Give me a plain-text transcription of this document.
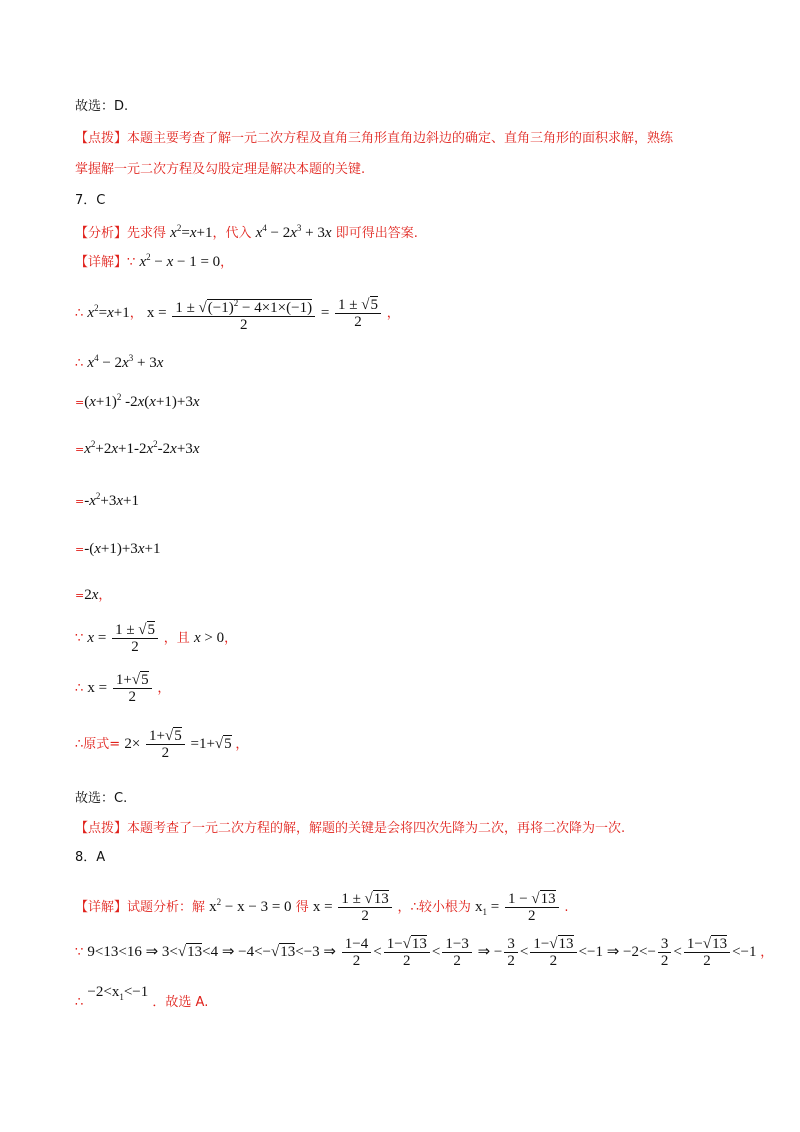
故选：D.
【点拨】本题主要考查了解一元二次方程及直角三角形直角边斜边的确定、直角三角形的面积求解，熟练
掌握解一元二次方程及勾股定理是解决本题的关键.
7．C
【分析】先求得 $x^2=x+1$，代入 $x^4 - 2x^3 + 3x$ 即可得出答案.
【详解】∵ $x^2 - x - 1 = 0$，
∴ $x^2=x+1$， $x = \frac{1 \pm √(-1)^2 - 4\times 1\times(-1)}{2} = \frac{1 \pm √5}{2}$ ，
∴ $x^4 - 2x^3 + 3x$
$=(x+1)^2$ -2x(x+1)+3x
$=x^2+2x+1-2x^2-2x+3x$
$=-x^2+3x+1$
=-(x+1)+3x+1
=2x，
∵ $x = \frac{1 \pm √5}{2}$ ，且 x > 0，
∴ $x = \frac{1+√5}{2}$ ，
∴原式= $2\times \frac{1+√5}{2} =1+√5$ ，
故选：C.
【点拨】本题考查了一元二次方程的解，解题的关键是会将四次先降为二次，再将二次降为一次.
8．A
【详解】试题分析：解 $x^2 - x - 3 = 0$ 得 $x = \frac{1 \pm √13}{2}$ ，∴较小根为 $x_1 = \frac{1 - √13}{2}$ .
∵ 9<13<16 ⇒ 3<√13<4 ⇒ −4<−√13<−3 ⇒ $\frac{1-4}{2} < \frac{1-√13}{2} < \frac{1-3}{2}$ ⇒ − $\frac{3}{2} < \frac{1-√13}{2} <-1$ ⇒ $-2<- \frac{3}{2} < \frac{1-√13}{2} <-1$ ，
∴ $-2<x_1<-1$ ．故选 A.
